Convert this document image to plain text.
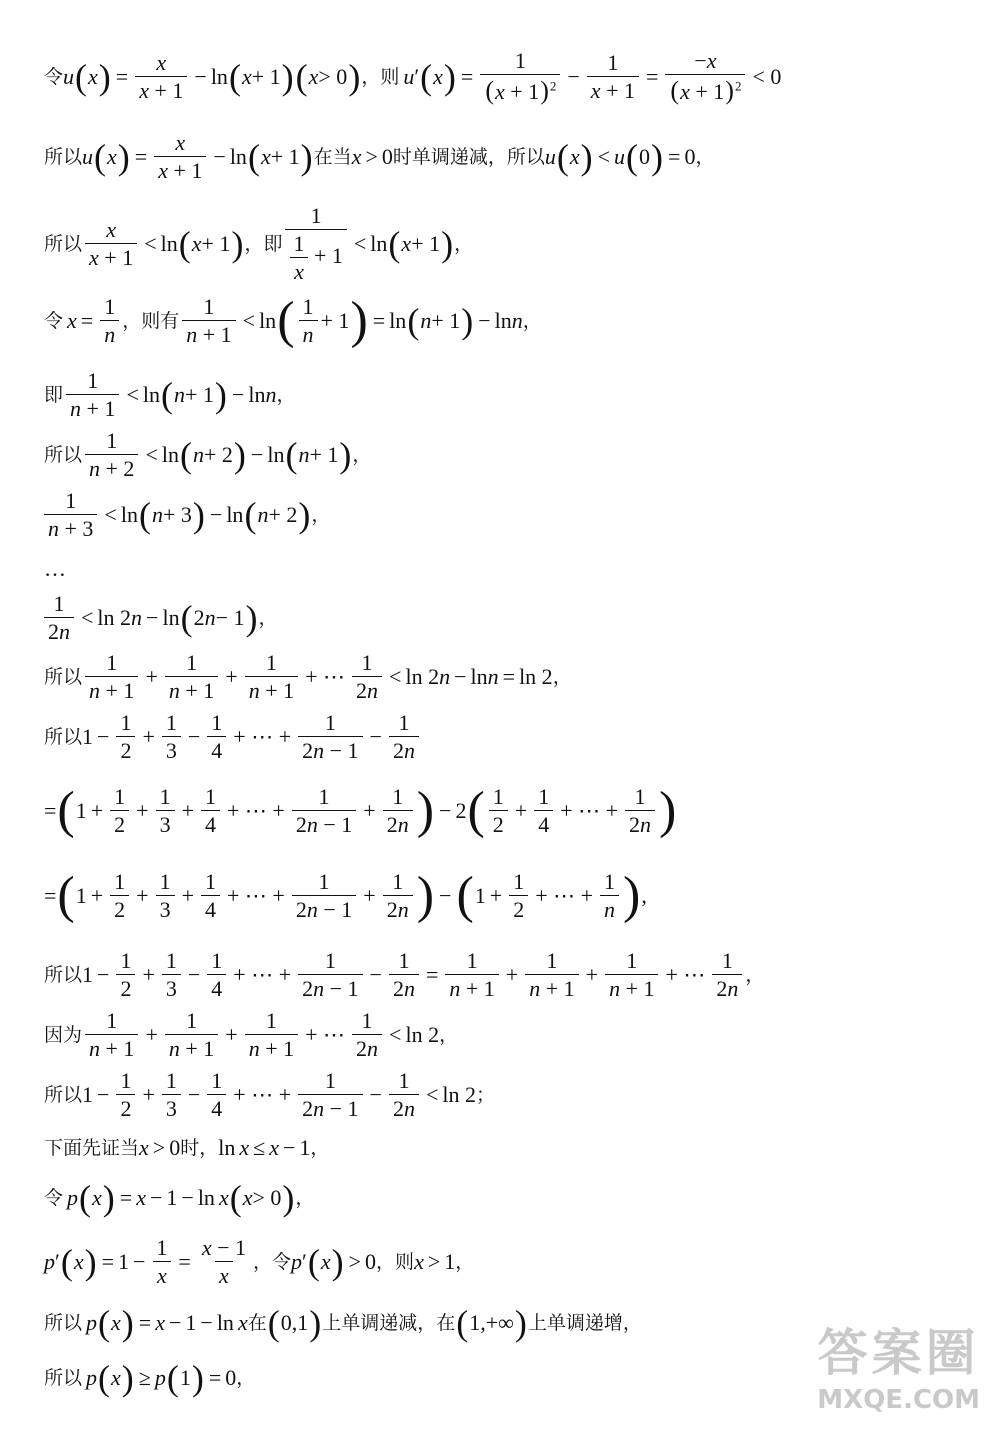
令 u ( x ) = $\frac{x}{x + 1} - \ln$ ( x + 1 ) ( x > 0 ) ， 则 u ′ ( x ) = $\frac{1}{(x + 1)^2} - \frac{1}{x + 1} = \frac{-x}{(x + 1)^2} < 0$
所以 u ( x ) = $\frac{x}{x + 1} - \ln$ ( x + 1 ) 在当 x > 0 时单调递减，所以 u ( x ) < u ( 0 ) = 0 ，
所以 $\frac{x}{x + 1} < \ln$ ( x + 1 ) ，即 $\frac{1}{\frac{1}{x} + 1} < \ln$ ( x + 1 ) ，
令 $x = \frac{1}{n}$ ，则有 $\frac{1}{n + 1} < \ln$ ( $\frac{1}{n} + 1$ ) = ln ( n + 1 ) − ln n ，
即 $\frac{1}{n + 1} < \ln$ ( n + 1 ) − ln n ，
所以 $\frac{1}{n + 2} < \ln$ ( n + 2 ) − ln ( n + 1 ) ，
$\frac{1}{n + 3} < \ln$ ( n + 3 ) − ln ( n + 2 ) ，
…
$\frac{1}{2n} < \ln 2$ n − ln ( 2 n − 1 ) ，
所以 $\frac{1}{n + 1} + \frac{1}{n + 1} + \frac{1}{n + 1}$ + ⋯ $\frac{1}{2n} < \ln 2$ n − ln n = ln 2 ，
所以 $1 - \frac{1}{2} + \frac{1}{3} - \frac{1}{4}$ + ⋯ + $\frac{1}{2n - 1} - \frac{1}{2n}$
= ( $1 + \frac{1}{2} + \frac{1}{3} + \frac{1}{4}$ + ⋯ + $\frac{1}{2n - 1} + \frac{1}{2n}$ ) − 2 ( $\frac{1}{2} + \frac{1}{4}$ + ⋯ + $\frac{1}{2n}$ )
= ( $1 + \frac{1}{2} + \frac{1}{3} + \frac{1}{4}$ + ⋯ + $\frac{1}{2n - 1} + \frac{1}{2n}$ ) − ( $1 + \frac{1}{2}$ + ⋯ + $\frac{1}{n}$ ) ,
所以 $1 - \frac{1}{2} + \frac{1}{3} - \frac{1}{4}$ + ⋯ + $\frac{1}{2n - 1} - \frac{1}{2n} = \frac{1}{n + 1} + \frac{1}{n + 1} + \frac{1}{n + 1}$ + ⋯ $\frac{1}{2n}$ ，
因为 $\frac{1}{n + 1} + \frac{1}{n + 1} + \frac{1}{n + 1}$ + ⋯ $\frac{1}{2n} < \ln 2$ ，
所以 $1 - \frac{1}{2} + \frac{1}{3} - \frac{1}{4}$ + ⋯ + $\frac{1}{2n - 1} - \frac{1}{2n} < \ln 2$ ；
下面先证当 x > 0 时， ln x ≤ x − 1 ，
令 p ( x ) = x − 1 − ln x ( x > 0 ) ，
p ′ ( x ) = $1 - \frac{1}{x} = \frac{x - 1}{x}$ ，令 p ′ ( x ) > 0 ，则 x > 1 ，
所以 p ( x ) = x − 1 − ln x 在 ( 0,1 ) 上单调递减，在 ( 1,+∞ ) 上单调递增，
所以 p ( x ) ≥ p ( 1 ) = 0 ，	答案圈
MXQE.COM
